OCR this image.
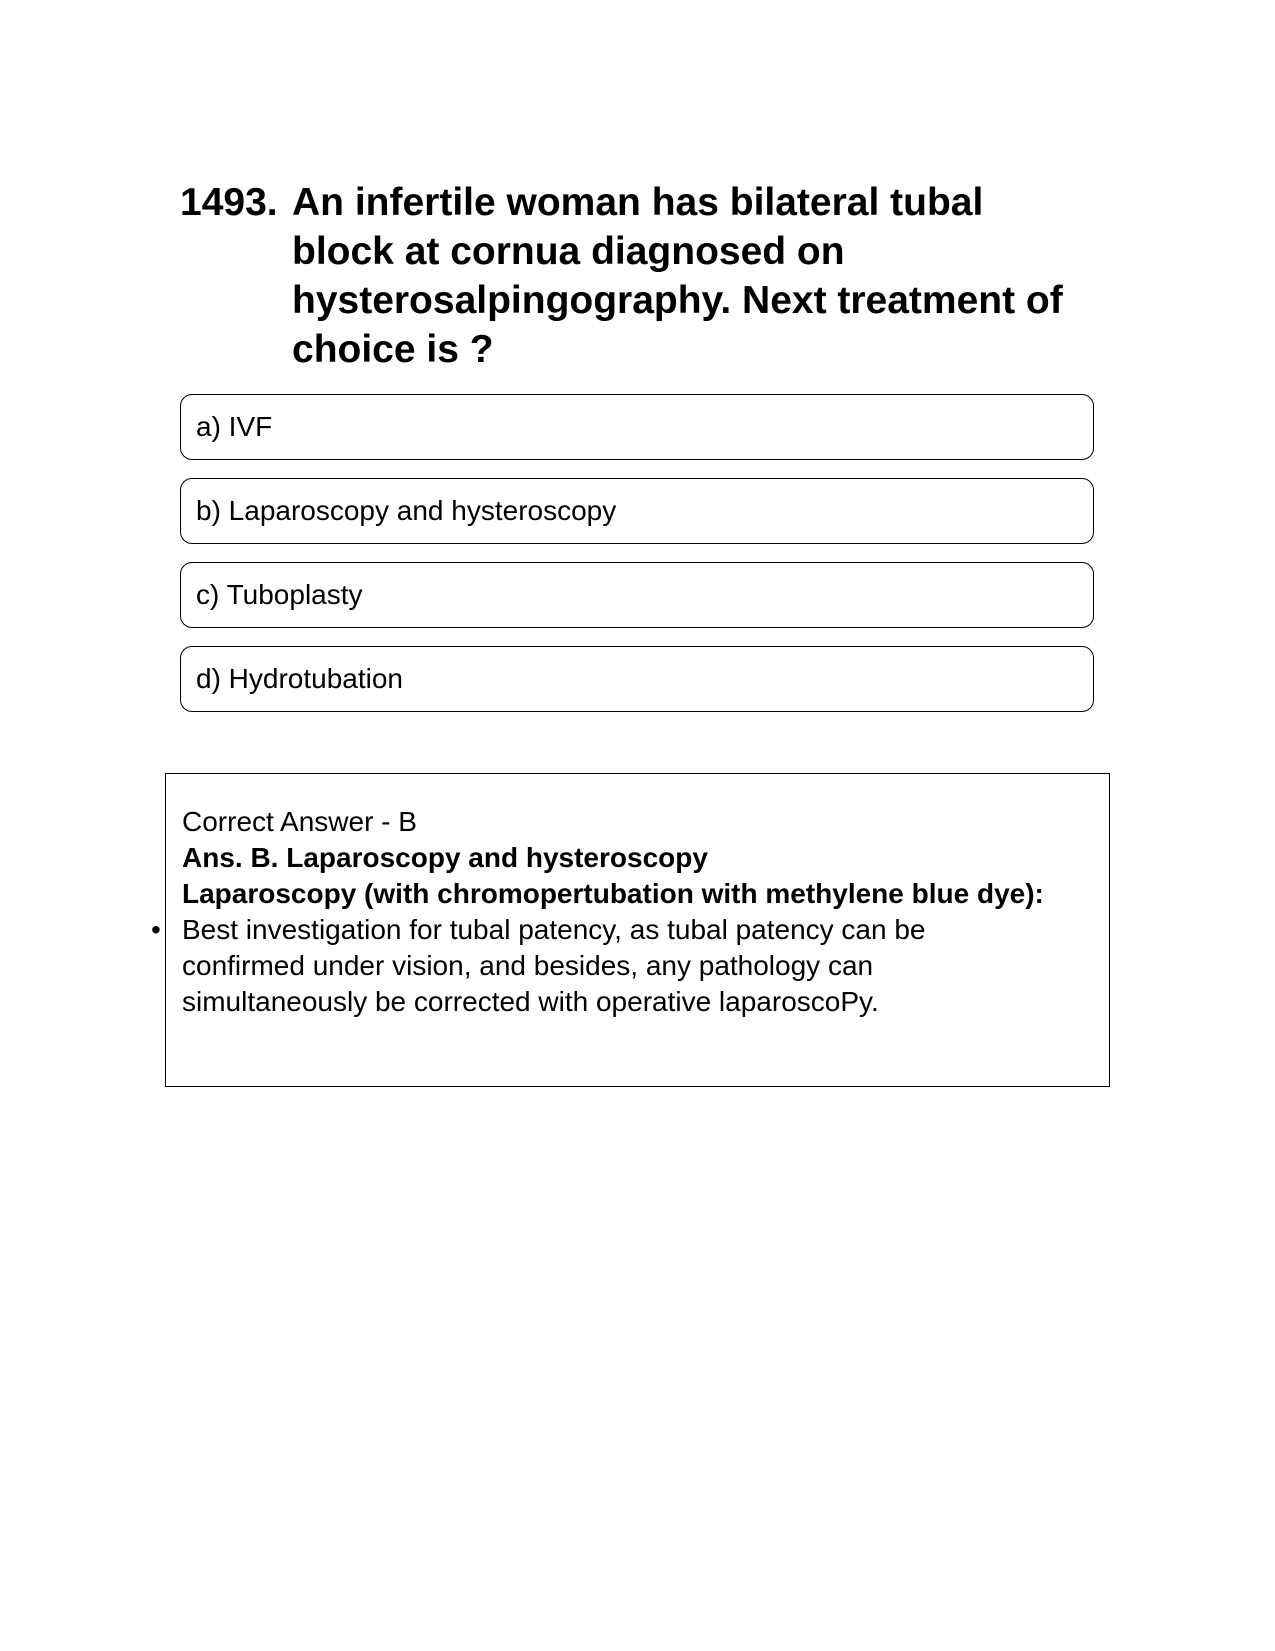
1493. An infertile woman has bilateral tubal block at cornua diagnosed on hysterosalpingography. Next treatment of choice is ?
a) IVF
b) Laparoscopy and hysteroscopy
c) Tuboplasty
d) Hydrotubation

Correct Answer - B

Ans. B. Laparoscopy and hysteroscopy

Laparoscopy (with chromopertubation with methylene blue dye):

• Best investigation for tubal patency, as tubal patency can be confirmed under vision, and besides, any pathology can simultaneously be corrected with operative laparoscoPy.
